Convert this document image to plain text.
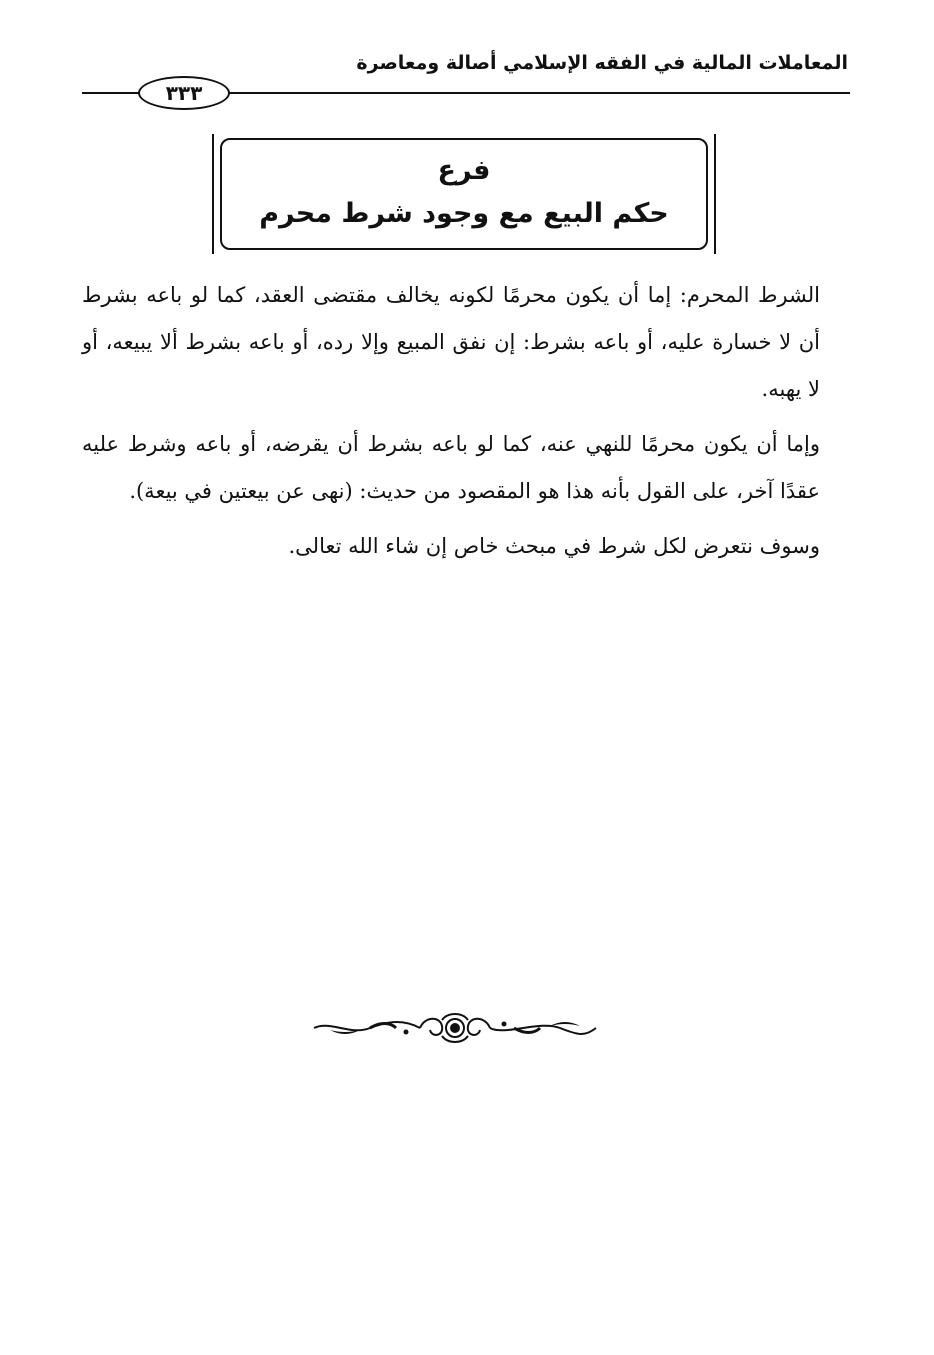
المعاملات المالية في الفقه الإسلامي أصالة ومعاصرة
٣٣٣
فرع
حكم البيع مع وجود شرط محرم

الشرط المحرم: إما أن يكون محرمًا لكونه يخالف مقتضى العقد، كما لو باعه بشرط أن لا خسارة عليه، أو باعه بشرط: إن نفق المبيع وإلا رده، أو باعه بشرط ألا يبيعه، أو لا يهبه.

وإما أن يكون محرمًا للنهي عنه، كما لو باعه بشرط أن يقرضه، أو باعه وشرط عليه عقدًا آخر، على القول بأنه هذا هو المقصود من حديث: (نهى عن بيعتين في بيعة).

وسوف نتعرض لكل شرط في مبحث خاص إن شاء الله تعالى.
